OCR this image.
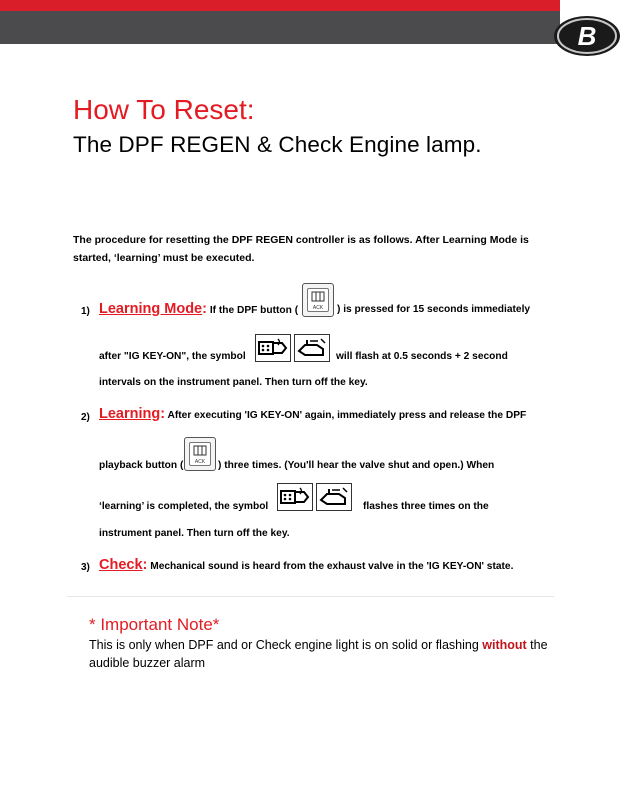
B
How To Reset:
The DPF REGEN & Check Engine lamp.
The procedure for resetting the DPF REGEN controller is as follows. After Learning Mode is started, ‘learning’ must be executed.
1) Learning Mode: If the DPF button (	ACK ) is pressed for 15 seconds immediately
after "IG KEY-ON", the symbol	will flash at 0.5 seconds + 2 second
intervals on the instrument panel. Then turn off the key.
2) Learning: After executing 'IG KEY-ON' again, immediately press and release the DPF
playback button ( ACK ) three times. (You'll hear the valve shut and open.) When
‘learning’ is completed, the symbol	flashes three times on the
instrument panel. Then turn off the key.
3) Check: Mechanical sound is heard from the exhaust valve in the 'IG KEY-ON' state.
* Important Note*
This is only when DPF and or Check engine light is on solid or flashing without the audible buzzer alarm
